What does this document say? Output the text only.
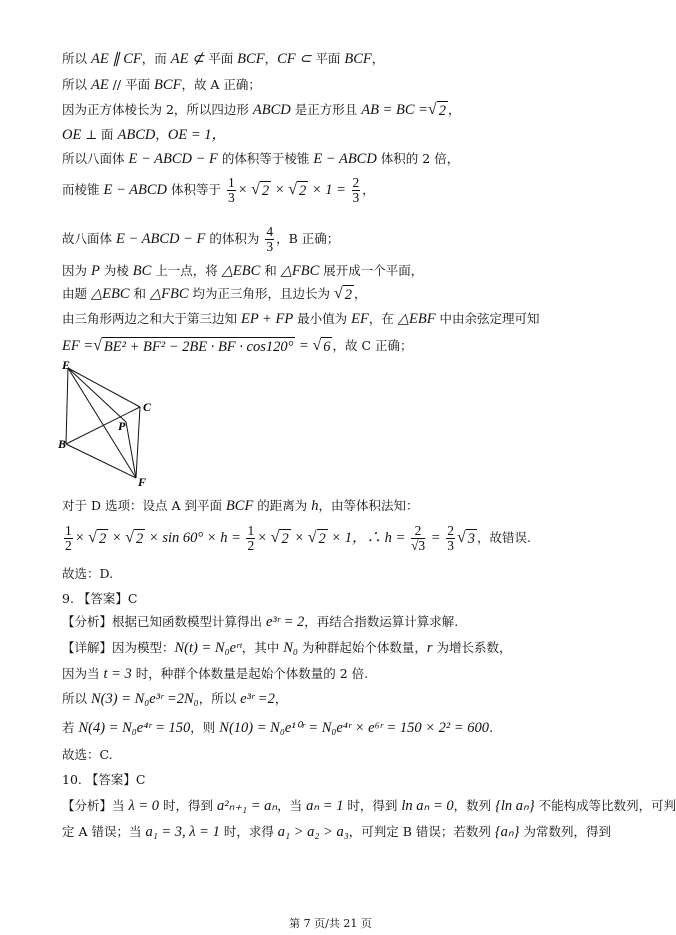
所以 AE ∥ CF，而 AE ⊄ 平面 BCF，CF ⊂ 平面 BCF，
所以 AE // 平面 BCF，故 A 正确；
因为正方体棱长为 2，所以四边形 ABCD 是正方形且 AB = BC = √ 2 ，
OE ⊥ 面 ABCD，OE = 1，
所以八面体 E − ABCD − F 的体积等于棱锥 E − ABCD 体积的 2 倍，
而棱锥 E − ABCD 体积等于 $\frac{1}{3}$ × √ 2 × √ $2 \times 1 = \frac{2}{3}$ ，
故八面体 E − ABCD − F 的体积为 $\frac{4}{3}$ ，B 正确；
因为 P 为棱 BC 上一点，将 △EBC 和 △FBC 展开成一个平面，
由题 △EBC 和 △FBC 均为正三角形，且边长为 √ 2 ，
由三角形两边之和大于第三边知 EP + FP 最小值为 EF，在 △EBF 中由余弦定理可知
EF = √ BE² + BF² − 2BE · BF · cos120° = √ 6 ，故 C 正确；
E
B
C
P
F
对于 D 选项：设点 A 到平面 BCF 的距离为 h，由等体积法知：
$\frac{1}{2}$ × √ 2 × √ $2 \times \sin 60^\circ \times h = \frac{1}{2}$ × √ 2 × √ 2 × 1，∴ $h = \frac{2}{√3} = \frac{2}{3}$ √ 3 ，故错误.
故选：D.
9. 【答案】C
【分析】根据已知函数模型计算得出 e³ʳ = 2，再结合指数运算计算求解.
【详解】因为模型：N(t) = N₀eʳᵗ，其中 N₀ 为种群起始个体数量，r 为增长系数，
因为当 t = 3 时，种群个体数量是起始个体数量的 2 倍.
所以 N(3) = N₀e³ʳ =2N₀，所以 e³ʳ =2，
若 N(4) = N₀e⁴ʳ = 150，则 N(10) = N₀e¹⁰ʳ = N₀e⁴ʳ × e⁶ʳ = 150 × 2² = 600.
故选：C.
10. 【答案】C
【分析】当 λ = 0 时，得到 a²ₙ₊₁ = aₙ，当 aₙ = 1 时，得到 ln aₙ = 0，数列 {ln aₙ} 不能构成等比数列，可判
定 A 错误；当 a₁ = 3, λ = 1 时，求得 a₁ > a₂ > a₃，可判定 B 错误；若数列 {aₙ} 为常数列，得到
第 7 页/共 21 页
